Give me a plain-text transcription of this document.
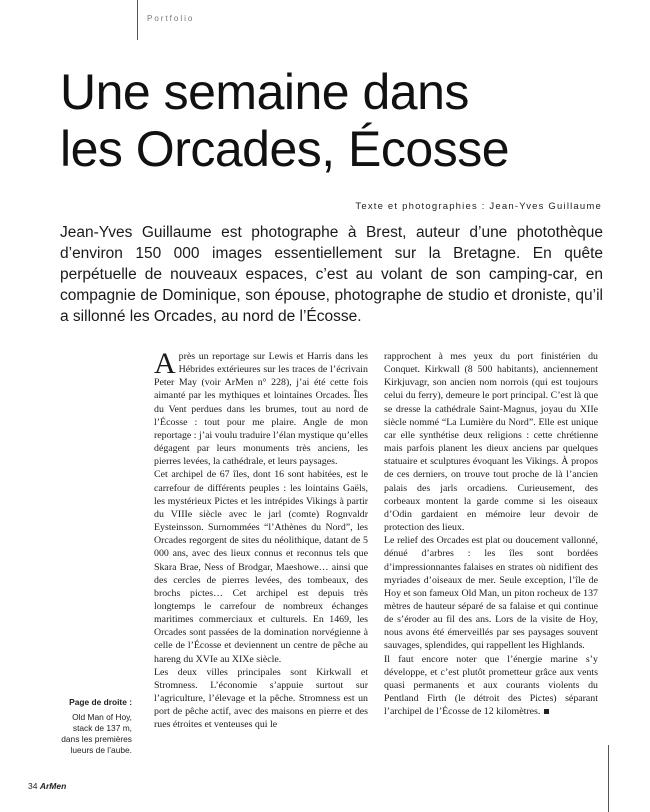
Portfolio
Une semaine dans
les Orcades, Écosse
Texte et photographies : Jean-Yves Guillaume

Jean-Yves Guillaume est photographe à Brest, auteur d’une photothèque d’environ 150 000 images essentiellement sur la Bretagne. En quête perpétuelle de nouveaux espaces, c’est au volant de son camping-car, en compagnie de Dominique, son épouse, photographe de studio et droniste, qu’il a sillonné les Orcades, au nord de l’Écosse.

Après un reportage sur Lewis et Harris dans les Hébrides extérieures sur les traces de l’écrivain Peter May (voir ArMen n° 228), j’ai été cette fois aimanté par les mythiques et lointaines Orcades. Îles du Vent perdues dans les brumes, tout au nord de l’Écosse : tout pour me plaire. Angle de mon reportage : j’ai voulu traduire l’élan mystique qu’elles dégagent par leurs monuments très anciens, les pierres levées, la cathédrale, et leurs paysages.

Cet archipel de 67 îles, dont 16 sont habitées, est le carrefour de différents peuples : les lointains Gaëls, les mystérieux Pictes et les intrépides Vikings à partir du VIIIe siècle avec le jarl (comte) Rognvaldr Eysteinsson. Surnommées “l’Athènes du Nord”, les Orcades regorgent de sites du néolithique, datant de 5 000 ans, avec des lieux connus et reconnus tels que Skara Brae, Ness of Brodgar, Maeshowe… ainsi que des cercles de pierres levées, des tombeaux, des brochs pictes… Cet archipel est depuis très longtemps le carrefour de nombreux échanges maritimes commerciaux et culturels. En 1469, les Orcades sont passées de la domination norvégienne à celle de l’Écosse et deviennent un centre de pêche au hareng du XVIe au XIXe siècle.

Les deux villes principales sont Kirkwall et Stromness. L’économie s’appuie surtout sur l’agriculture, l’élevage et la pêche. Stromness est un port de pêche actif, avec des maisons en pierre et des rues étroites et venteuses qui le

rapprochent à mes yeux du port finistérien du Conquet. Kirkwall (8 500 habitants), anciennement Kirkjuvagr, son ancien nom norrois (qui est toujours celui du ferry), demeure le port principal. C’est là que se dresse la cathédrale Saint-Magnus, joyau du XIIe siècle nommé “La Lumière du Nord”. Elle est unique car elle synthétise deux religions : cette chrétienne mais parfois planent les dieux anciens par quelques statuaire et sculptures évoquant les Vikings. À propos de ces derniers, on trouve tout proche de là l’ancien palais des jarls orcadiens. Curieusement, des corbeaux montent la garde comme si les oiseaux d’Odin gardaient en mémoire leur devoir de protection des lieux.

Le relief des Orcades est plat ou doucement vallonné, dénué d’arbres : les îles sont bordées d’impressionnantes falaises en strates où nidifient des myriades d’oiseaux de mer. Seule exception, l’île de Hoy et son fameux Old Man, un piton rocheux de 137 mètres de hauteur séparé de sa falaise et qui continue de s’éroder au fil des ans. Lors de la visite de Hoy, nous avons été émerveillés par ses paysages souvent sauvages, splendides, qui rappellent les Highlands.

Il faut encore noter que l’énergie marine s’y développe, et c’est plutôt prometteur grâce aux vents quasi permanents et aux courants violents du Pentland Firth (le détroit des Pictes) séparant l’archipel de l’Écosse de 12 kilomètres.

Page de droite :
Old Man of Hoy, stack de 137 m, dans les premières lueurs de l’aube.
34 ArMen
